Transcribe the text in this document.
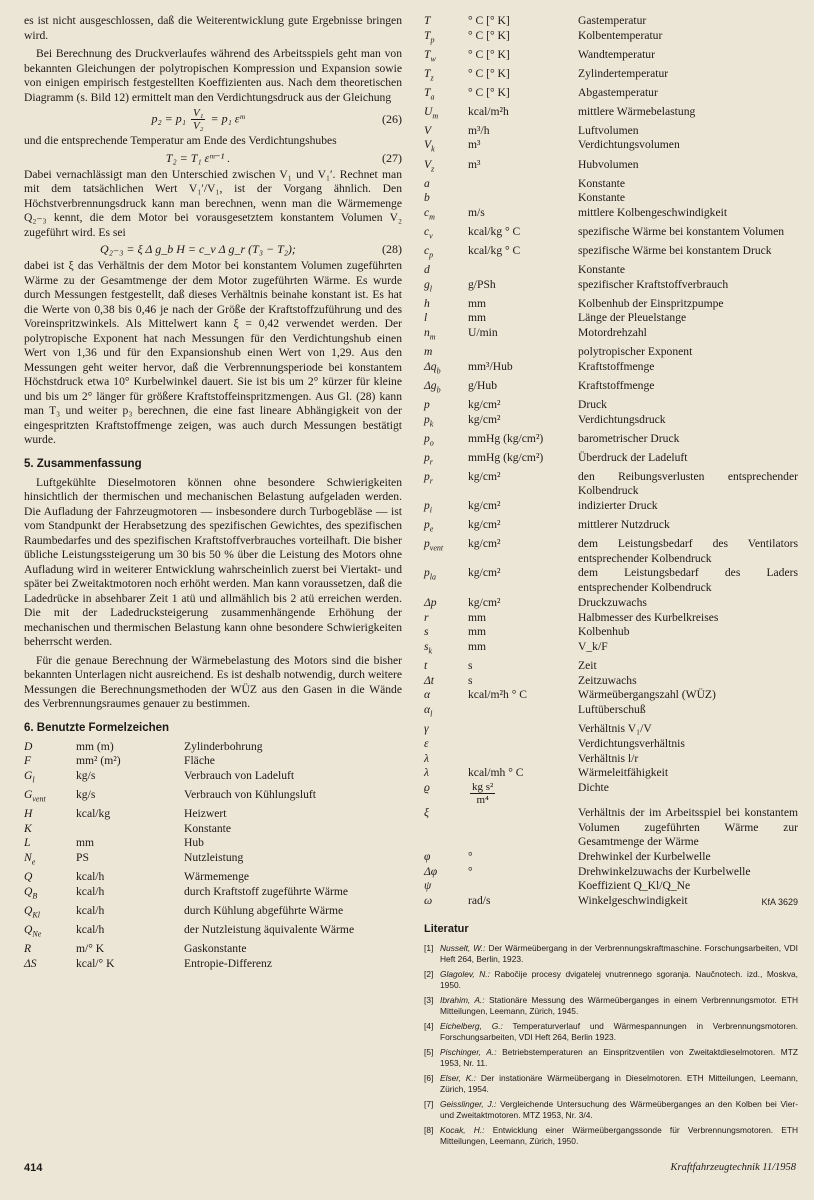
es ist nicht ausgeschlossen, daß die Weiterentwicklung gute Ergebnisse bringen wird.

Bei Berechnung des Druckverlaufes während des Arbeitsspiels geht man von bekannten Gleichungen der polytropischen Kompression und Expansion sowie von einigen empirisch festgestellten Koeffizienten aus. Nach dem theoretischen Diagramm (s. Bild 12) ermittelt man den Verdichtungsdruck aus der Gleichung

$p_2 = p_1 \frac{\text{V₁}}{\text{V₂}} = p_1$ εᵐ	(26)

und die entsprechende Temperatur am Ende des Verdichtungshubes

T₂ = T₁ εᵐ⁻¹ .	(27)

Dabei vernachlässigt man den Unterschied zwischen V₁ und V₁′. Rechnet man mit dem tatsächlichen Wert V₁′/V₁, ist der Vorgang ähnlich. Den Höchstverbrennungsdruck kann man berechnen, wenn man die Wärmemenge Q₂₋₃ kennt, die dem Motor bei vorausgesetztem konstantem Volumen V₂ zugeführt wird. Es sei

Q₂₋₃ = ξ Δ g_b H = c_v Δ g_r (T₃ − T₂);	(28)

dabei ist ξ das Verhältnis der dem Motor bei konstantem Volumen zugeführten Wärme zu der Gesamtmenge der dem Motor zugeführten Wärme. Es wurde durch Messungen festgestellt, daß dieses Verhältnis beinahe konstant ist. Es hat die Werte von 0,38 bis 0,46 je nach der Größe der Kraftstoffzuführung und des Voreinspritzwinkels. Als Mittelwert kann ξ = 0,42 verwendet werden. Der polytropische Exponent hat nach Messungen für den Verdichtungshub einen Wert von 1,36 und für den Expansionshub einen Wert von 1,29. Aus den Messungen geht weiter hervor, daß die Verbrennungsperiode bei konstantem Höchstdruck etwa 10° Kurbelwinkel dauert. Sie ist bis um 2° kürzer für kleine und bis um 2° länger für größere Kraftstoffeinspritzmengen. Aus Gl. (28) kann man T₃ und weiter p₃ berechnen, die eine fast lineare Abhängigkeit von der eingespritzten Kraftstoffmenge zeigen, was auch durch Messungen bestätigt wurde.

5. Zusammenfassung

Luftgekühlte Dieselmotoren können ohne besondere Schwierigkeiten hinsichtlich der thermischen und mechanischen Belastung aufgeladen werden. Die Aufladung der Fahrzeugmotoren — insbesondere durch Turbogebläse — ist vom Standpunkt der Herabsetzung des spezifischen Gewichtes, des spezifischen Raumbedarfes und des spezifischen Kraftstoffverbrauches vorteilhaft. Die bisher übliche Leistungssteigerung um 30 bis 50 % über die Leistung des Motors ohne Aufladung wird in weiterer Entwicklung wahrscheinlich zuerst bei Viertakt- und später bei Zweitaktmotoren noch erhöht werden. Man kann voraussetzen, daß die Ladedrücke in absehbarer Zeit 1 atü und allmählich bis 2 atü erreichen werden. Die mit der Ladedrucksteigerung zusammenhängende Erhöhung der mechanischen und thermischen Belastung kann ohne besondere Schwierigkeiten beherrscht werden.

Für die genaue Berechnung der Wärmebelastung des Motors sind die bisher bekannten Unterlagen nicht ausreichend. Es ist deshalb notwendig, durch weitere Messungen die Berechnungsmethoden der WÜZ aus den Gasen in die Wände des Verbrennungsraumes genauer zu bestimmen.

6. Benutzte Formelzeichen
D	mm (m)	Zylinderbohrung
F	mm² (m²)	Fläche
$G_l$	kg/s	Verbrauch von Ladeluft
$G_{vent}$	kg/s	Verbrauch von Kühlungsluft
H	kcal/kg	Heizwert
K		Konstante
L	mm	Hub
$N_e$	PS	Nutzleistung
Q	kcal/h	Wärmemenge
$Q_B$	kcal/h	durch Kraftstoff zugeführte Wärme
$Q_{Kl}$	kcal/h	durch Kühlung abgeführte Wärme
$Q_{Ne}$	kcal/h	der Nutzleistung äquivalente Wärme
R	m/° K	Gaskonstante
ΔS	kcal/° K	Entropie-Differenz
T	° C [° K]	Gastemperatur
$T_p$	° C [° K]	Kolbentemperatur
$T_w$	° C [° K]	Wandtemperatur
$T_z$	° C [° K]	Zylindertemperatur
$T_a$	° C [° K]	Abgastemperatur
$U_m$	kcal/m²h	mittlere Wärmebelastung
V	m³/h	Luftvolumen
$V_k$	m³	Verdichtungsvolumen
$V_z$	m³	Hubvolumen
a		Konstante
b		Konstante
$c_m$	m/s	mittlere Kolbengeschwindigkeit
$c_v$	kcal/kg ° C	spezifische Wärme bei konstantem Volumen
$c_p$	kcal/kg ° C	spezifische Wärme bei konstantem Druck
d		Konstante
$g_l$	g/PSh	spezifischer Kraftstoffverbrauch
h	mm	Kolbenhub der Einspritzpumpe
l	mm	Länge der Pleuelstange
$n_m$	U/min	Motordrehzahl
m		polytropischer Exponent
$\Delta q_b$	mm³/Hub	Kraftstoffmenge
$\Delta g_b$	g/Hub	Kraftstoffmenge
p	kg/cm²	Druck
$p_k$	kg/cm²	Verdichtungsdruck
$p_o$	mmHg (kg/cm²)	barometrischer Druck
$p_r$	mmHg (kg/cm²)	Überdruck der Ladeluft
$p_r$	kg/cm²	den Reibungsverlusten entsprechender Kolbendruck
$p_i$	kg/cm²	indizierter Druck
$p_e$	kg/cm²	mittlerer Nutzdruck
$p_{vent}$	kg/cm²	dem Leistungsbedarf des Ventilators entsprechender Kolbendruck
$p_{la}$	kg/cm²	dem Leistungsbedarf des Laders entsprechender Kolbendruck
Δp	kg/cm²	Druckzuwachs
r	mm	Halbmesser des Kurbelkreises
s	mm	Kolbenhub
$s_k$	mm	V_k/F
t	s	Zeit
Δt	s	Zeitzuwachs
α	kcal/m²h ° C	Wärmeübergangszahl (WÜZ)
$\alpha_l$		Luftüberschuß
γ		Verhältnis V₁/V
ε		Verdichtungsverhältnis
λ		Verhältnis l/r
λ	kcal/mh ° C	Wärmeleitfähigkeit
ϱ	$\frac{\text{kg s²}}{\text{m⁴}}$	Dichte
ξ		Verhältnis der im Arbeitsspiel bei konstantem Volumen zugeführten Wärme zur Gesamtmenge der Wärme
φ	°	Drehwinkel der Kurbelwelle
Δφ	°	Drehwinkelzuwachs der Kurbelwelle
ψ		Koeffizient Q_Kl/Q_Ne
ω	rad/s	Winkelgeschwindigkeit	KfA 3629
Literatur
[1] Nusselt, W.: Der Wärmeübergang in der Verbrennungskraftmaschine. Forschungsarbeiten, VDI Heft 264, Berlin, 1923.
[2] Glagolev, N.: Rabočije procesy dvigatelej vnutrennego sgoranja. Naučnotech. izd., Moskva, 1950.
[3] Ibrahim, A.: Stationäre Messung des Wärmeüberganges in einem Verbrennungsmotor. ETH Mitteilungen, Leemann, Zürich, 1945.
[4] Eichelberg, G.: Temperaturverlauf und Wärmespannungen in Verbrennungsmotoren. Forschungsarbeiten, VDI Heft 264, Berlin 1923.
[5] Pischinger, A.: Betriebstemperaturen an Einspritzventilen von Zweitaktdieselmotoren. MTZ 1953, Nr. 11.
[6] Elser, K.: Der instationäre Wärmeübergang in Dieselmotoren. ETH Mitteilungen, Leemann, Zürich, 1954.
[7] Geisslinger, J.: Vergleichende Untersuchung des Wärmeüberganges an den Kolben bei Vier- und Zweitaktmotoren. MTZ 1953, Nr. 3/4.
[8] Kocak, H.: Entwicklung einer Wärmeübergangssonde für Verbrennungsmotoren. ETH Mitteilungen, Leemann, Zürich, 1950.
414	Kraftfahrzeugtechnik 11/1958
